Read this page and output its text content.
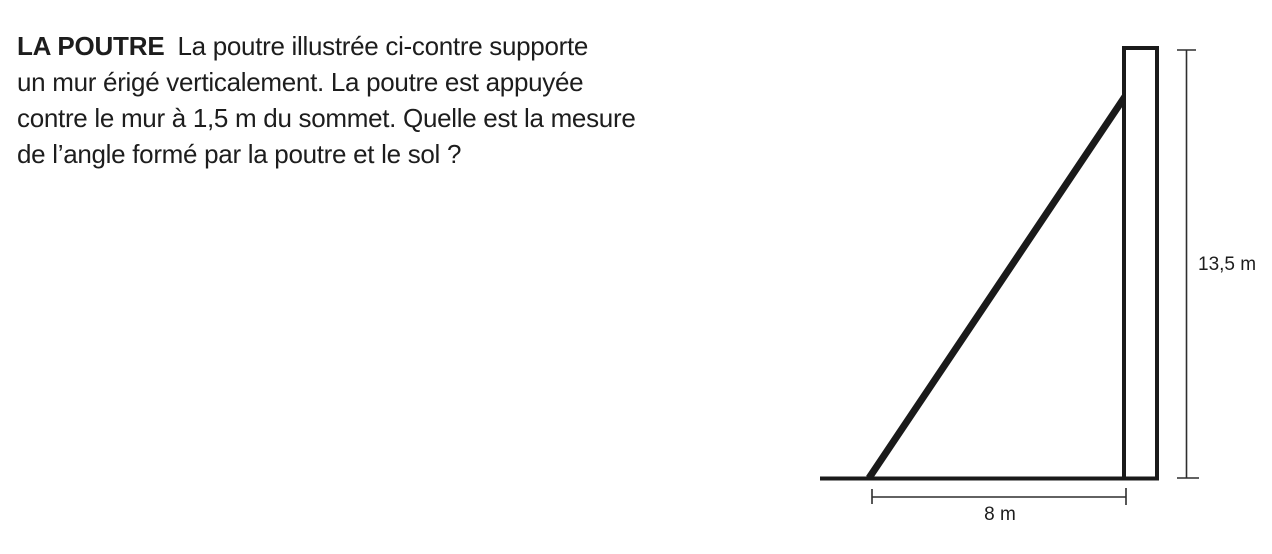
LA POUTRE La poutre illustrée ci-contre supporte
un mur érigé verticalement. La poutre est appuyée
contre le mur à 1,5 m du sommet. Quelle est la mesure
de l’angle formé par la poutre et le sol ?
13,5 m
8 m
